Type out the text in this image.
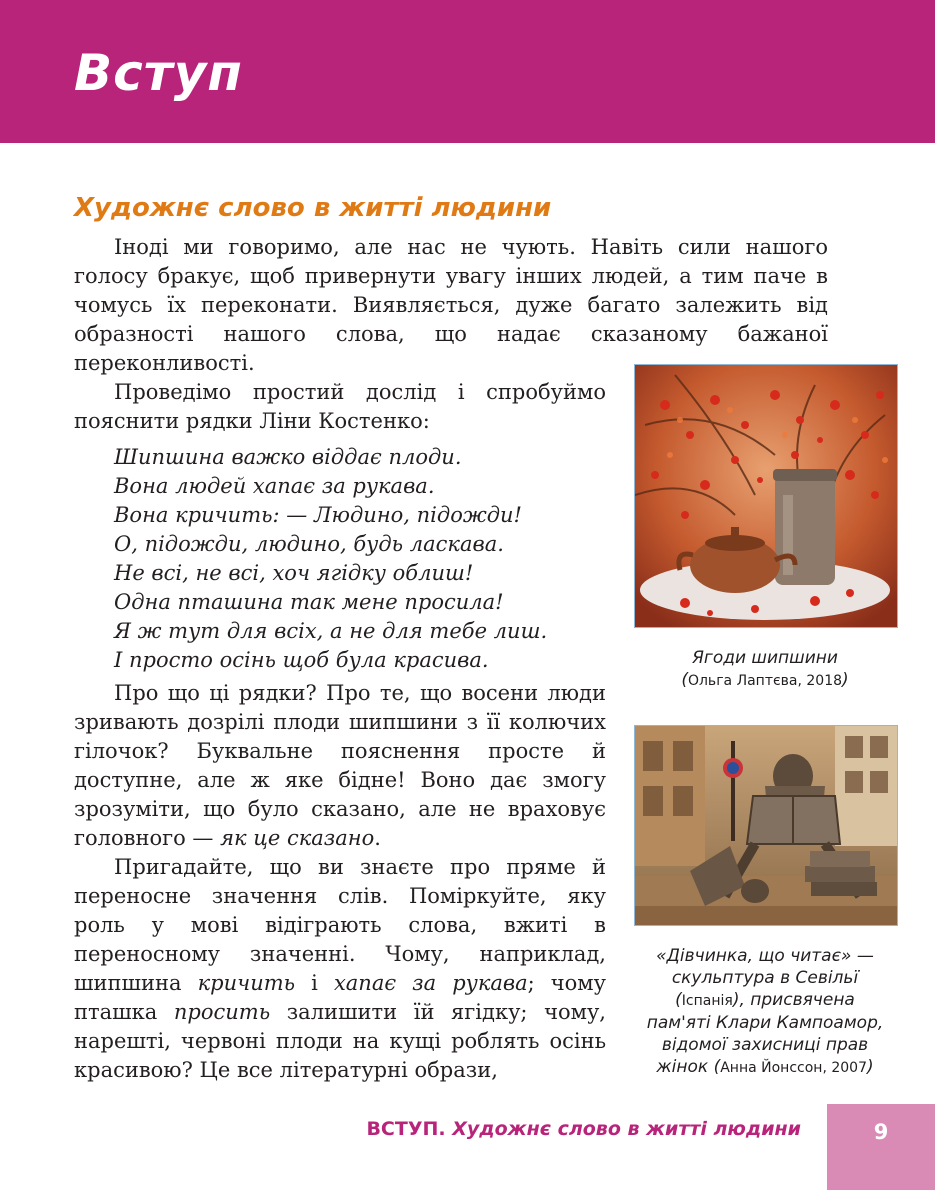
Вступ
Художнє слово в житті людини

Іноді ми говоримо, але нас не чують. Навіть сили нашого голосу бракує, щоб привернути увагу інших людей, а тим паче в чомусь їх переконати. Виявляється, дуже багато залежить від образності нашого слова, що надає сказаному бажаної переконливості.

Проведімо простий дослід і спробуймо пояснити рядки Ліни Костенко:

Шипшина важко віддає плоди.
Вона людей хапає за рукава.
Вона кричить: — Людино, підожди!
О, підожди, людино, будь ласкава.
Не всі, не всі, хоч ягідку облиш!
Одна пташина так мене просила!
Я ж тут для всіх, а не для тебе лиш.
І просто осінь щоб була красива.

Про що ці рядки? Про те, що восени люди зривають дозрілі плоди шипшини з її колючих гілочок? Буквальне пояснення просте й доступне, але ж яке бідне! Воно дає змогу зрозуміти, що було сказано, але не враховує головного — як це сказано.

Пригадайте, що ви знаєте про пряме й переносне значення слів. Поміркуйте, яку роль у мові відіграють слова, вжиті в переносному значенні. Чому, наприклад, шипшина кричить і хапає за рукава; чому пташка просить залишити їй ягідку; чому, нарешті, червоні плоди на кущі роблять осінь красивою? Це все літературні образи,

Ягоди шипшини
(Ольга Лаптєва, 2018)

«Дівчинка, що читає» —
скульптура в Севільї
(Іспанія), присвячена
пам'яті Клари Кампоамор,
відомої захисниці прав
жінок (Анна Йонссон, 2007)

ВСТУП. Художнє слово в житті людини	9
